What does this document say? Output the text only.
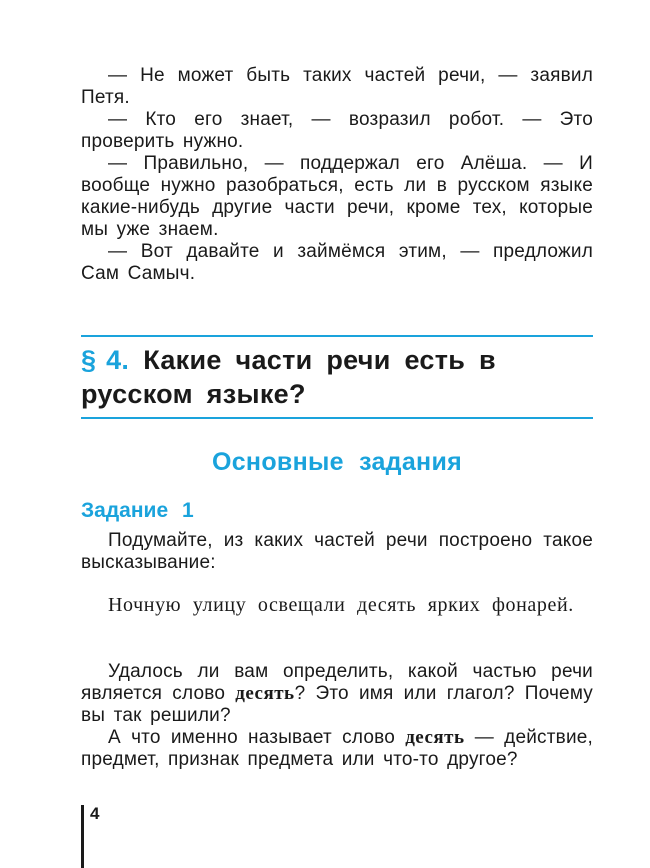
— Не может быть таких частей речи, — заявил Петя.

— Кто его знает, — возразил робот. — Это проверить нужно.

— Правильно, — поддержал его Алёша. — И вообще нужно разобраться, есть ли в русском языке какие-нибудь другие части речи, кроме тех, которые мы уже знаем.

— Вот давайте и займёмся этим, — предложил Сам Самыч.

§ 4. Какие части речи есть в русском языке?
Основные задания
Задание 1

Подумайте, из каких частей речи построено такое высказывание:

Ночную улицу освещали десять ярких фонарей.

Удалось ли вам определить, какой частью речи является слово десять? Это имя или глагол? Почему вы так решили?

А что именно называет слово десять — действие, предмет, признак предмета или что-то другое?

4
